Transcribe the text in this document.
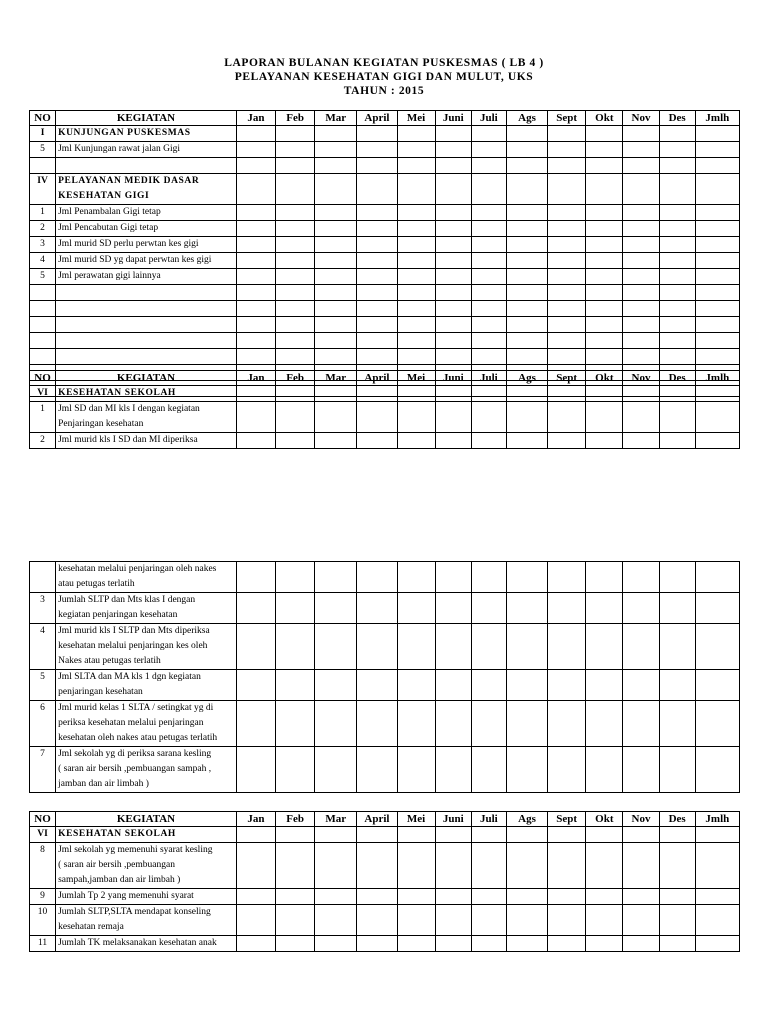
LAPORAN BULANAN KEGIATAN PUSKESMAS ( LB 4 )
PELAYANAN KESEHATAN GIGI DAN MULUT, UKS
TAHUN : 2015
NO	KEGIATAN	Jan	Feb	Mar	April	Mei	Juni	Juli	Ags	Sept	Okt	Nov	Des	Jmlh
I	KUNJUNGAN PUSKESMAS													

5	Jml Kunjungan rawat jalan Gigi													

IV	PELAYANAN MEDIK DASAR
KESEHATAN GIGI													

1	Jml Penambalan Gigi tetap													

2	Jml Pencabutan Gigi tetap													

3	Jml murid SD perlu perwtan kes gigi													

4	Jml murid SD yg dapat perwtan kes gigi													

5	Jml perawatan gigi lainnya													

NO	KEGIATAN	Jan	Feb	Mar	April	Mei	Juni	Juli	Ags	Sept	Okt	Nov	Des	Jmlh
VI	KESEHATAN SEKOLAH													

1	Jml SD dan MI kls I dengan kegiatan
Penjaringan kesehatan													

2	Jml murid kls I SD dan MI diperiksa													

	kesehatan melalui penjaringan oleh nakes
atau petugas terlatih													

3	Jumlah SLTP dan Mts klas I dengan
kegiatan penjaringan kesehatan													

4	Jml murid kls I SLTP dan Mts diperiksa
kesehatan melalui penjaringan kes oleh
Nakes atau petugas terlatih													

5	Jml SLTA dan MA kls 1 dgn kegiatan
penjaringan kesehatan													

6	Jml murid kelas 1 SLTA / setingkat yg di
periksa kesehatan melalui penjaringan
kesehatan oleh nakes atau petugas terlatih													

7	Jml sekolah yg di periksa sarana kesling
( saran air bersih ,pembuangan sampah ,
jamban dan air limbah )													

NO	KEGIATAN	Jan	Feb	Mar	April	Mei	Juni	Juli	Ags	Sept	Okt	Nov	Des	Jmlh
VI	KESEHATAN SEKOLAH													

8	Jml sekolah yg memenuhi syarat kesling
( saran air bersih ,pembuangan
sampah,jamban dan air limbah )													

9	Jumlah Tp 2 yang memenuhi syarat													

10	Jumlah SLTP,SLTA mendapat konseling
kesehatan remaja													

11	Jumlah TK melaksanakan kesehatan anak													
